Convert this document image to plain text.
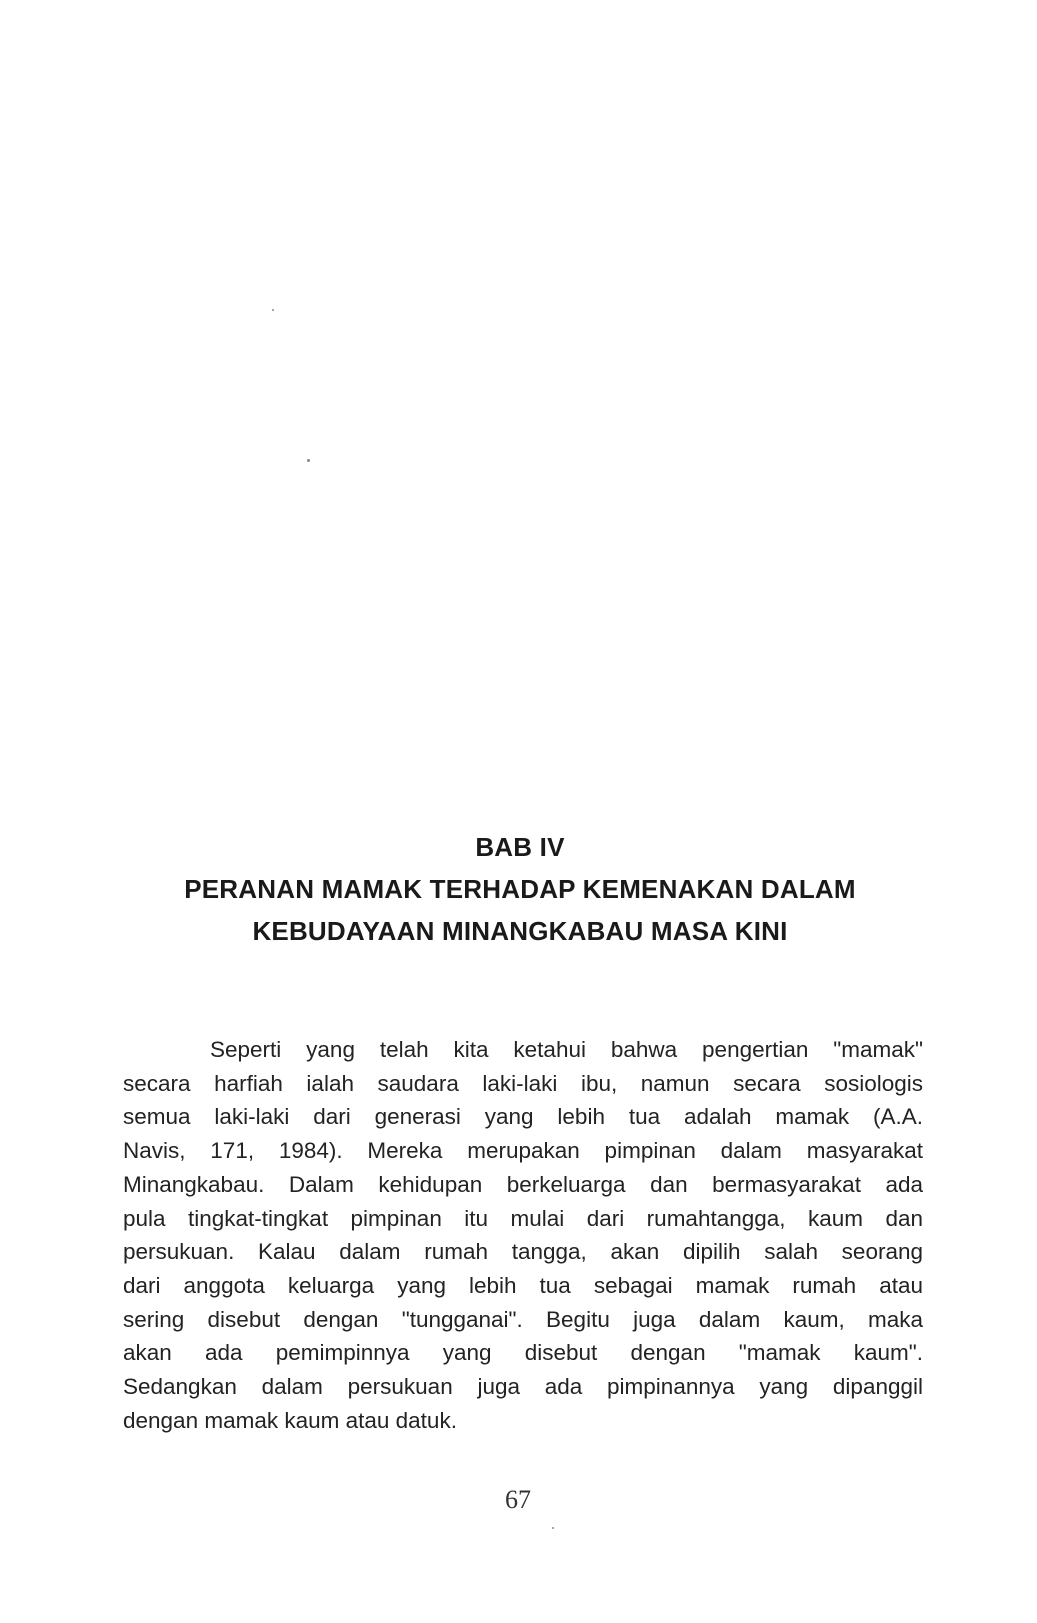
BAB IV
PERANAN MAMAK TERHADAP KEMENAKAN DALAM
KEBUDAYAAN MINANGKABAU MASA KINI
Seperti yang telah kita ketahui bahwa pengertian "mamak"
secara harfiah ialah saudara laki-laki ibu, namun secara sosiologis
semua laki-laki dari generasi yang lebih tua adalah mamak (A.A.
Navis, 171, 1984). Mereka merupakan pimpinan dalam masyarakat
Minangkabau. Dalam kehidupan berkeluarga dan bermasyarakat ada
pula tingkat-tingkat pimpinan itu mulai dari rumahtangga, kaum dan
persukuan. Kalau dalam rumah tangga, akan dipilih salah seorang
dari anggota keluarga yang lebih tua sebagai mamak rumah atau
sering disebut dengan "tungganai". Begitu juga dalam kaum, maka
akan ada pemimpinnya yang disebut dengan "mamak kaum".
Sedangkan dalam persukuan juga ada pimpinannya yang dipanggil
dengan mamak kaum atau datuk.
67
